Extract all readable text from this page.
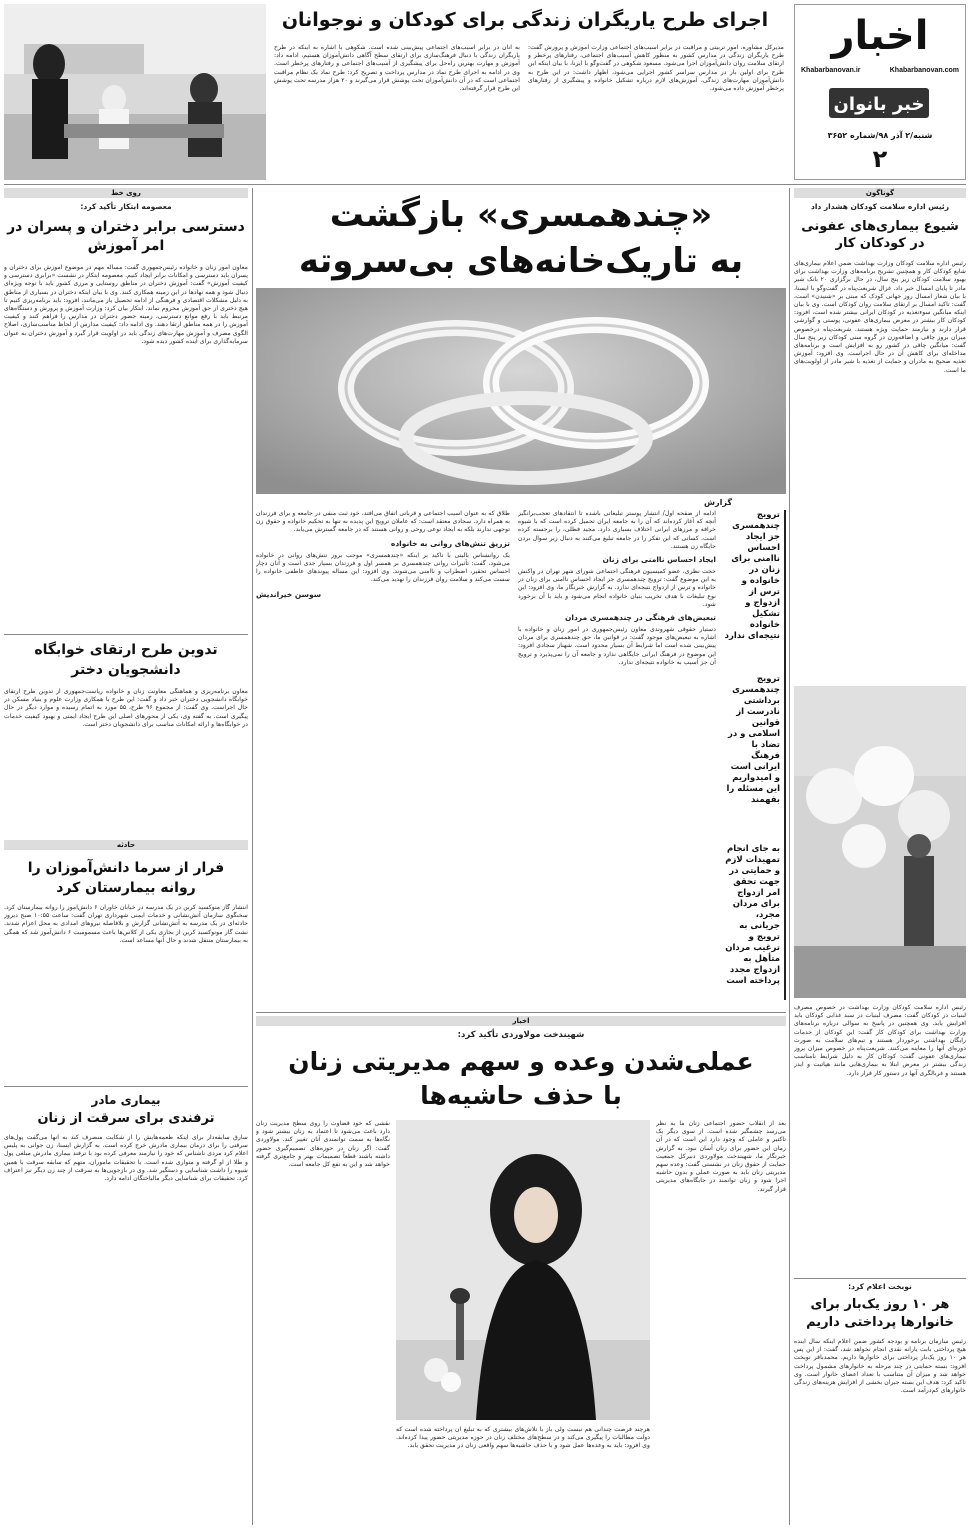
اخبار
Khabarbanovan.ir	Khabarbanovan.com
خبر بانوان
شنبه/۲ آذر ۹۸/شماره ۳۶۵۲
۲
اجرای طرح یاریگران زندگی برای کودکان و نوجوانان
مدیرکل مشاوره، امور تربیتی و مراقبت در برابر آسیب‌های اجتماعی وزارت آموزش و پرورش گفت: طرح یاریگران زندگی در مدارس کشور به منظور کاهش آسیب‌های اجتماعی، رفتارهای پرخطر و ارتقای سلامت روان دانش‌آموزان اجرا می‌شود. مسعود شکوهی در گفت‌وگو با ایرنا، با بیان اینکه این طرح برای اولین بار در مدارس سراسر کشور اجرایی می‌شود، اظهار داشت: در این طرح به دانش‌آموزان مهارت‌های زندگی، آموزش‌های لازم درباره تشکیل خانواده و پیشگیری از رفتارهای پرخطر آموزش داده می‌شود.
به آنان در برابر آسیب‌های اجتماعی پیش‌بینی شده است. شکوهی با اشاره به اینکه در طرح یاریگران زندگی با دنبال فرهنگ‌سازی برای ارتقای سطح آگاهی دانش‌آموزان هستیم، ادامه داد: آموزش و مهارت بهترین راه‌حل برای پیشگیری از آسیب‌های اجتماعی و رفتارهای پرخطر است. وی در ادامه به اجرای طرح نماد در مدارس پرداخت و تصریح کرد: طرح نماد یک نظام مراقبت اجتماعی است که در آن دانش‌آموزان تحت پوشش قرار می‌گیرند و ۲۰ هزار مدرسه تحت پوشش این طرح قرار گرفته‌اند.
گوناگون
رئیس اداره سلامت کودکان هشدار داد
شیوع بیماری‌های عفونی در کودکان کار
رئیس اداره سلامت کودکان وزارت بهداشت ضمن اعلام بیماری‌های شایع کودکان کار و همچنین تشریح برنامه‌های وزارت بهداشت برای بهبود سلامت کودکان زیر پنج سال، در حال برگزاری ۲۰ بانک شیر مادر تا پایان امسال خبر داد. غزال شریعت‌پناه در گفت‌وگو با ایسنا، با بیان شعار امسال روز جهانی کودک که مبنی بر «شنیدن» است، گفت: تاکید امسال بر ارتقای سلامت روان کودکان است. وی با بیان اینکه میانگین سوءتغذیه در کودکان ایرانی بیشتر شده است، افزود: کودکان کار بیشتر در معرض بیماری‌های عفونی، پوستی و گوارشی قرار دارند و نیازمند حمایت ویژه هستند. شریعت‌پناه درخصوص میزان بروز چاقی و اضافه‌وزن در گروه سنی کودکان زیر پنج سال گفت: میانگین چاقی در کشور رو به افزایش است و برنامه‌های مداخله‌ای برای کاهش آن در حال اجراست. وی افزود: آموزش تغذیه صحیح به مادران و حمایت از تغذیه با شیر مادر از اولویت‌های ما است.
رئیس اداره سلامت کودکان وزارت بهداشت در خصوص مصرف لبنیات در کودکان گفت: مصرف لبنیات در سبد غذایی کودکان باید افزایش یابد. وی همچنین در پاسخ به سوالی درباره برنامه‌های وزارت بهداشت برای کودکان کار گفت: این کودکان از خدمات رایگان بهداشتی برخوردار هستند و تیم‌های سلامت به صورت دوره‌ای آنها را معاینه می‌کنند. شریعت‌پناه در خصوص میزان بروز بیماری‌های عفونی گفت: کودکان کار به دلیل شرایط نامناسب زندگی بیشتر در معرض ابتلا به بیماری‌هایی مانند هپاتیت و ایدز هستند و غربالگری آنها در دستور کار قرار دارد.
نوبخت اعلام کرد:
هر ۱۰ روز یک‌بار برای خانوارها پرداختی داریم
رئیس سازمان برنامه و بودجه کشور ضمن اعلام اینکه سال آینده هیچ پرداختی بابت یارانه نقدی انجام نخواهد شد، گفت: از این پس هر ۱۰ روز یک‌بار پرداختی برای خانوارها داریم. محمدباقر نوبخت افزود: بسته حمایتی در چند مرحله به خانوارهای مشمول پرداخت خواهد شد و میزان آن متناسب با تعداد اعضای خانوار است. وی تاکید کرد: هدف این بسته جبران بخشی از افزایش هزینه‌های زندگی خانوارهای کم‌درآمد است.
روی خط
معصومه ابتکار تأکید کرد:
دسترسی برابر دختران و پسران در امر آموزش
معاون امور زنان و خانواده رئیس‌جمهوری گفت: مسأله مهم در موضوع آموزش برای دختران و پسران باید دسترسی و امکانات برابر ایجاد کنیم. معصومه ابتکار در نشست «برابری دسترسی و کیفیت آموزش» گفت: آموزش دختران در مناطق روستایی و مرزی کشور باید با توجه ویژه‌ای دنبال شود و همه نهادها در این زمینه همکاری کنند. وی با بیان اینکه دختران در بسیاری از مناطق به دلیل مشکلات اقتصادی و فرهنگی از ادامه تحصیل باز می‌مانند، افزود: باید برنامه‌ریزی کنیم تا هیچ دختری از حق آموزش محروم نماند. ابتکار بیان کرد: وزارت آموزش و پرورش و دستگاه‌های مرتبط باید با رفع موانع دسترسی، زمینه حضور دختران در مدارس را فراهم کنند و کیفیت آموزش را در همه مناطق ارتقا دهند. وی ادامه داد: کیفیت مدارس از لحاظ مناسب‌سازی، اصلاح الگوی مصرف و آموزش مهارت‌های زندگی باید در اولویت قرار گیرد و آموزش دختران به عنوان سرمایه‌گذاری برای آینده کشور دیده شود.
تدوین طرح ارتقای خوابگاه دانشجویان دختر
معاون برنامه‌ریزی و هماهنگی معاونت زنان و خانواده ریاست‌جمهوری از تدوین طرح ارتقای خوابگاه دانشجویی دختران خبر داد و گفت: این طرح با همکاری وزارت علوم و بنیاد مسکن در حال اجراست. وی گفت: از مجموع ۹۶ طرح، ۵۵ مورد به اتمام رسیده و موارد دیگر در حال پیگیری است. به گفته وی، یکی از محورهای اصلی این طرح ایجاد ایمنی و بهبود کیفیت خدمات در خوابگاه‌ها و ارائه امکانات مناسب برای دانشجویان دختر است.
حادثه
فرار از سرما دانش‌آموزان را روانه بیمارستان کرد
انتشار گاز منوکسید کربن در یک مدرسه در خیابان خاوران ۶ دانش‌آموز را روانه بیمارستان کرد. سخنگوی سازمان آتش‌نشانی و خدمات ایمنی شهرداری تهران گفت: ساعت ۱۰:۵۵ صبح دیروز حادثه‌ای در یک مدرسه به آتش‌نشانی گزارش و بلافاصله نیروهای امدادی به محل اعزام شدند. نشت گاز مونوکسید کربن از بخاری یکی از کلاس‌ها باعث مسمومیت ۶ دانش‌آموز شد که همگی به بیمارستان منتقل شدند و حال آنها مساعد است.
بیماری مادر
ترفندی برای سرقت از زنان
سارق سابقه‌دار برای اینکه طعمه‌هایش را از شکایت منصرف کند به آنها می‌گفت پول‌های سرقتی را برای درمان بیماری مادرش خرج کرده است. به گزارش ایسنا، زن جوانی به پلیس اعلام کرد مردی ناشناس که خود را نیازمند معرفی کرده بود با ترفند بیماری مادرش مبلغی پول و طلا از او گرفته و متواری شده است. با تحقیقات ماموران، متهم که سابقه سرقت با همین شیوه را داشت شناسایی و دستگیر شد. وی در بازجویی‌ها به سرقت از چند زن دیگر نیز اعتراف کرد. تحقیقات برای شناسایی دیگر مالباختگان ادامه دارد.
«چندهمسری» بازگشت
به تاریک‌خانه‌های بی‌سروته
گزارش
ترویج چندهمسری جز ایجاد احساس ناامنی برای زنان در خانواده و ترس از ازدواج و تشکیل خانواده نتیجه‌ای ندارد
ترویج چندهمسری برداشتی نادرست از قوانین اسلامی و در تضاد با فرهنگ ایرانی است و امیدواریم این مسئله را بفهمند
به جای انجام تمهیدات لازم و حمایتی در جهت تحقق امر ازدواج برای مردان مجرد، جریانی به ترویج و ترغیب مردان متأهل به ازدواج مجدد پرداخته است
ادامه از صفحه اول/ انتشار پوستر تبلیغاتی باشده تا انتقادهای تعجب‌برانگیز آنچه که آغاز کرده‌اند که آن را به جامعه ایران تحمیل کرده است که با شیوه خرافه و مرزهای ایرانی اختلاف بسیاری دارد. مجید فطلی، را برجسته کرده است. کسانی که این تفکر را در جامعه تبلیغ می‌کنند به دنبال زیر سوال بردن جایگاه زن هستند.
ایجاد احساس ناامنی برای زنان
حجت نظری، عضو کمیسیون فرهنگی اجتماعی شورای شهر تهران در واکنش به این موضوع گفت: ترویج چندهمسری جز ایجاد احساس ناامنی برای زنان در خانواده و ترس از ازدواج نتیجه‌ای ندارد. به گزارش خبرنگار ما، وی افزود: این نوع تبلیغات با هدف تخریب بنیان خانواده انجام می‌شود و باید با آن برخورد شود.
تبعیض‌های فرهنگی در چندهمسری مردان
دستیار حقوقی شهروندی معاون رئیس‌جمهوری در امور زنان و خانواده با اشاره به تبعیض‌های موجود گفت: در قوانین ما، حق چندهمسری برای مردان پیش‌بینی شده است اما شرایط آن بسیار محدود است. شهناز سجادی افزود: این موضوع در فرهنگ ایرانی جایگاهی ندارد و جامعه آن را نمی‌پذیرد و ترویج آن جز آسیب به خانواده نتیجه‌ای ندارد.
طلاق که به عنوان آسیب اجتماعی و قربانی اتفاق می‌افتد، خود ثبت منفی در جامعه و برای فرزندان به همراه دارد. سجادی معتقد است: که عاملان ترویج این پدیده نه تنها به تحکیم خانواده و حقوق زن توجهی ندارند بلکه به ایجاد نوعی روحی و روانی هستند که در جامعه گسترش می‌یابد.
تزریق تنش‌های روانی به خانواده
یک روانشناس بالینی با تاکید بر اینکه «چندهمسری» موجب بروز تنش‌های روانی در خانواده می‌شود، گفت: تأثیرات روانی چندهمسری بر همسر اول و فرزندان بسیار جدی است و آنان دچار احساس تحقیر، اضطراب و ناامنی می‌شوند. وی افزود: این مساله پیوندهای عاطفی خانواده را سست می‌کند و سلامت روان فرزندان را تهدید می‌کند.
سوسن خیراندیش
اخبار
شهیندخت مولاوردی تأکید کرد:
عملی‌شدن وعده و سهم مدیریتی زنان
با حذف حاشیه‌ها
بعد از انقلاب حضور اجتماعی زنان ما به نظر می‌رسد چشمگیر شده است. از سوی دیگر یک تاکتیر و عاملی که وجود دارد این است که در آن زمان این حضور برای زنان آسان نبود. به گزارش خبرنگار ما، شهیندخت مولاوردی دبیرکل جمعیت حمایت از حقوق زنان در نشستی گفت: وعده سهم مدیریتی زنان باید به صورت عملی و بدون حاشیه اجرا شود و زنان توانمند در جایگاه‌های مدیریتی قرار گیرند.
هرچند فرصت چندانی هم نیست ولی باز با تلاش‌های بیشتری که به تبلیغ آن پرداخته شده است که دولت مطالبات را پیگیری می‌کند و در سطح‌های مختلف زنان در حوزه مدیریتی حضور پیدا کرده‌اند. وی افزود: باید به وعده‌ها عمل شود و با حذف حاشیه‌ها سهم واقعی زنان در مدیریت تحقق یابد.
نقشی که خود قضاوت را روی سطح مدیریت زنان دارد باعث می‌شود تا اعتماد به زنان بیشتر شود و نگاه‌ها به سمت توانمندی آنان تغییر کند. مولاوردی گفت: اگر زنان در حوزه‌های تصمیم‌گیری حضور داشته باشند قطعاً تصمیمات بهتر و جامع‌تری گرفته خواهد شد و این به نفع کل جامعه است.
